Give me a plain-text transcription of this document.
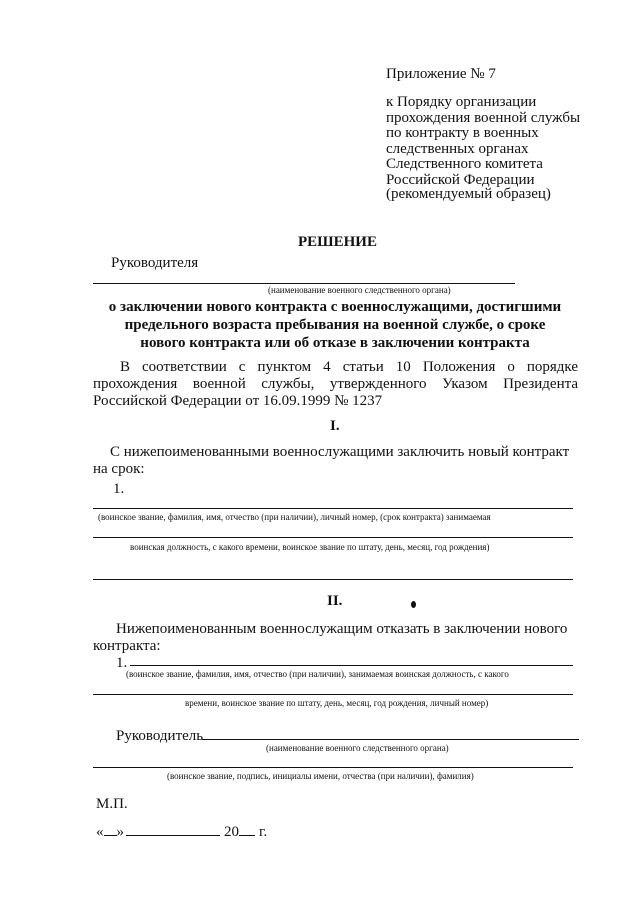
Приложение № 7
к Порядку организации
прохождения военной службы
по контракту в военных
следственных органах
Следственного комитета
Российской Федерации
(рекомендуемый образец)
РЕШЕНИЕ
Руководителя
(наименование военного следственного органа)
о заключении нового контракта с военнослужащими, достигшими
предельного возраста пребывания на военной службе, о сроке
нового контракта или об отказе в заключении контракта
В соответствии с пунктом 4 статьи 10 Положения о порядке
прохождения военной службы, утвержденного Указом Президента
Российской Федерации от 16.09.1999 № 1237
I.
С нижепоименованными военнослужащими заключить новый контракт
на срок:
1.
(воинское звание, фамилия, имя, отчество (при наличии), личный номер, (срок контракта) занимаемая
воинская должность, с какого времени, воинское звание по штату, день, месяц, год рождения)
II.
Нижепоименованным военнослужащим отказать в заключении нового
контракта:
1.
(воинское звание, фамилия, имя, отчество (при наличии), занимаемая воинская должность, с какого
времени, воинское звание по штату, день, месяц, год рождения, личный номер)
Руководитель
(наименование военного следственного органа)
(воинское звание, подпись, инициалы имени, отчества (при наличии), фамилия)
М.П.
« »	20 г.
